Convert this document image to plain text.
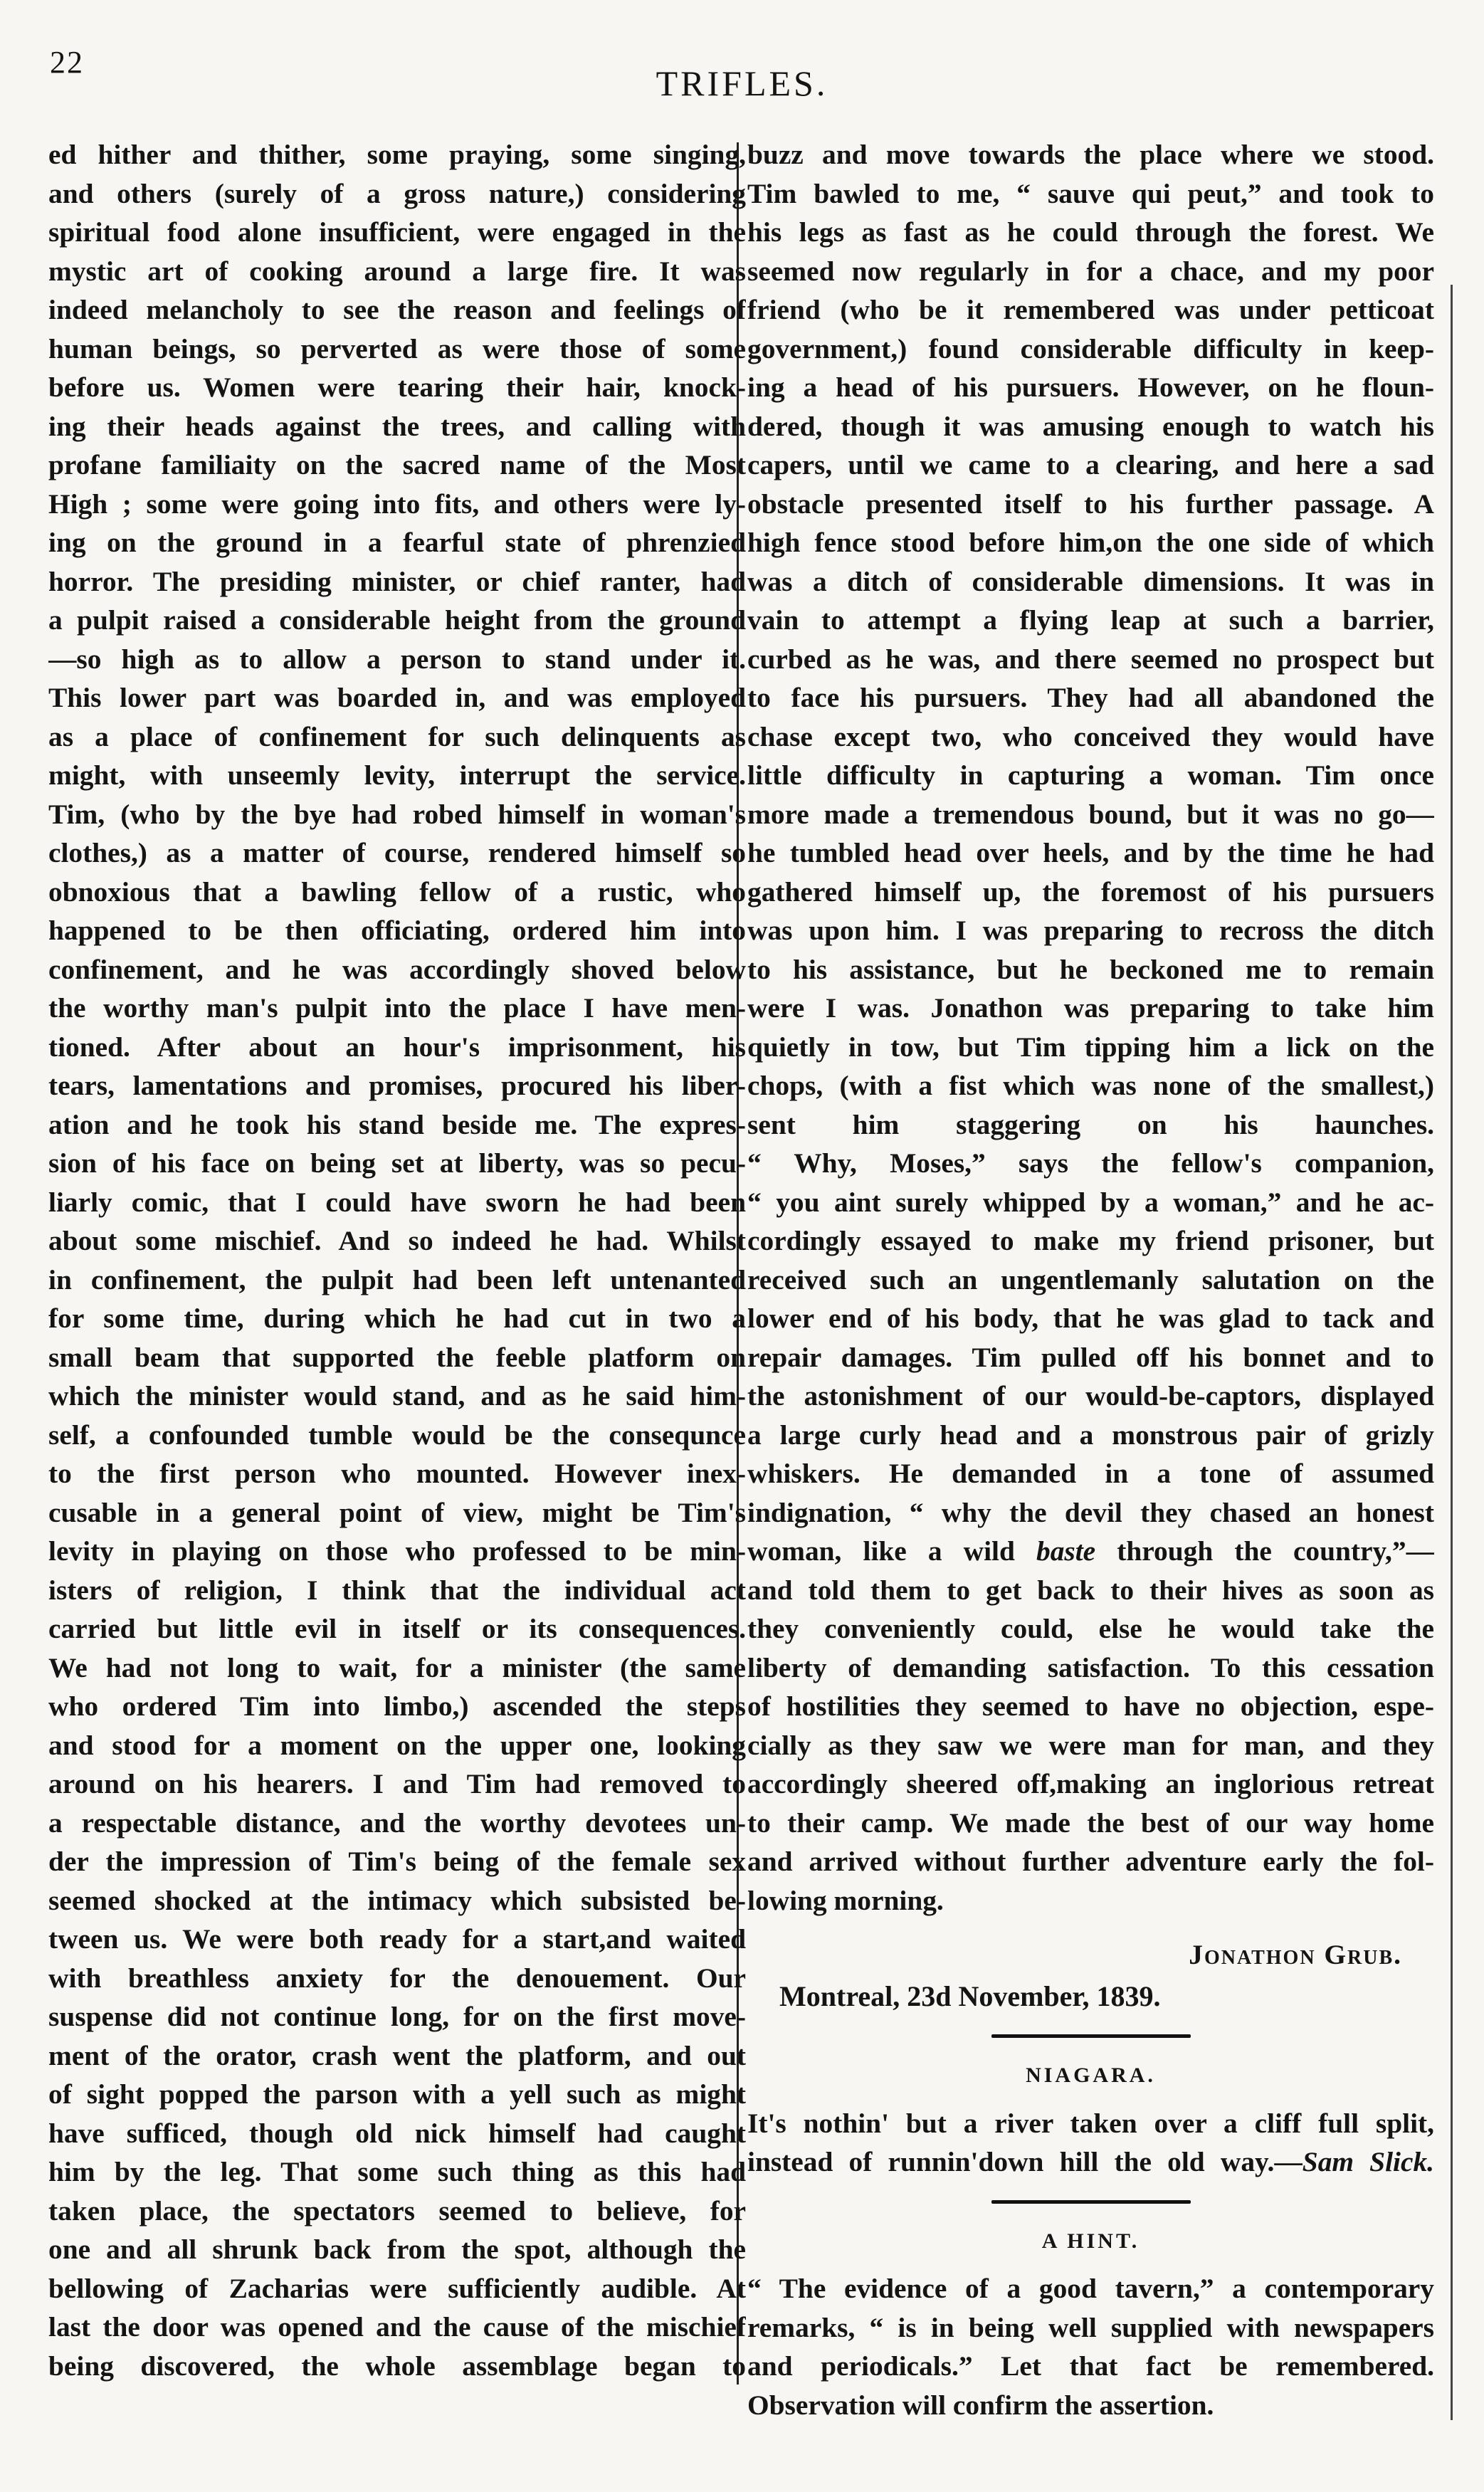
22
TRIFLES.
ed hither and thither, some praying, some singing,
and others (surely of a gross nature,) considering
spiritual food alone insufficient, were engaged in the
mystic art of cooking around a large fire. It was
indeed melancholy to see the reason and feelings of
human beings, so perverted as were those of some
before us. Women were tearing their hair, knock-
ing their heads against the trees, and calling with
profane familiaity on the sacred name of the Most
High ; some were going into fits, and others were ly-
ing on the ground in a fearful state of phrenzied
horror. The presiding minister, or chief ranter, had
a pulpit raised a considerable height from the ground
—so high as to allow a person to stand under it.
This lower part was boarded in, and was employed
as a place of confinement for such delinquents as
might, with unseemly levity, interrupt the service.
Tim, (who by the bye had robed himself in woman's
clothes,) as a matter of course, rendered himself so
obnoxious that a bawling fellow of a rustic, who
happened to be then officiating, ordered him into
confinement, and he was accordingly shoved below
the worthy man's pulpit into the place I have men-
tioned. After about an hour's imprisonment, his
tears, lamentations and promises, procured his liber-
ation and he took his stand beside me. The expres-
sion of his face on being set at liberty, was so pecu-
liarly comic, that I could have sworn he had been
about some mischief. And so indeed he had. Whilst
in confinement, the pulpit had been left untenanted
for some time, during which he had cut in two a
small beam that supported the feeble platform on
which the minister would stand, and as he said him-
self, a confounded tumble would be the consequnce
to the first person who mounted. However inex-
cusable in a general point of view, might be Tim's
levity in playing on those who professed to be min-
isters of religion, I think that the individual act
carried but little evil in itself or its consequences.
We had not long to wait, for a minister (the same
who ordered Tim into limbo,) ascended the steps
and stood for a moment on the upper one, looking
around on his hearers. I and Tim had removed to
a respectable distance, and the worthy devotees un-
der the impression of Tim's being of the female sex
seemed shocked at the intimacy which subsisted be-
tween us. We were both ready for a start,and waited
with breathless anxiety for the denouement. Our
suspense did not continue long, for on the first move-
ment of the orator, crash went the platform, and out
of sight popped the parson with a yell such as might
have sufficed, though old nick himself had caught
him by the leg. That some such thing as this had
taken place, the spectators seemed to believe, for
one and all shrunk back from the spot, although the
bellowing of Zacharias were sufficiently audible. At
last the door was opened and the cause of the mischief
being discovered, the whole assemblage began to
buzz and move towards the place where we stood.
Tim bawled to me, “ sauve qui peut,” and took to
his legs as fast as he could through the forest. We
seemed now regularly in for a chace, and my poor
friend (who be it remembered was under petticoat
government,) found considerable difficulty in keep-
ing a head of his pursuers. However, on he floun-
dered, though it was amusing enough to watch his
capers, until we came to a clearing, and here a sad
obstacle presented itself to his further passage. A
high fence stood before him,on the one side of which
was a ditch of considerable dimensions. It was in
vain to attempt a flying leap at such a barrier,
curbed as he was, and there seemed no prospect but
to face his pursuers. They had all abandoned the
chase except two, who conceived they would have
little difficulty in capturing a woman. Tim once
more made a tremendous bound, but it was no go—
he tumbled head over heels, and by the time he had
gathered himself up, the foremost of his pursuers
was upon him. I was preparing to recross the ditch
to his assistance, but he beckoned me to remain
were I was. Jonathon was preparing to take him
quietly in tow, but Tim tipping him a lick on the
chops, (with a fist which was none of the smallest,)
sent him staggering on his haunches.
“ Why, Moses,” says the fellow's companion,
“ you aint surely whipped by a woman,” and he ac-
cordingly essayed to make my friend prisoner, but
received such an ungentlemanly salutation on the
lower end of his body, that he was glad to tack and
repair damages. Tim pulled off his bonnet and to
the astonishment of our would-be-captors, displayed
a large curly head and a monstrous pair of grizly
whiskers. He demanded in a tone of assumed
indignation, “ why the devil they chased an honest
woman, like a wild baste through the country,”—
and told them to get back to their hives as soon as
they conveniently could, else he would take the
liberty of demanding satisfaction. To this cessation
of hostilities they seemed to have no objection, espe-
cially as they saw we were man for man, and they
accordingly sheered off,making an inglorious retreat
to their camp. We made the best of our way home
and arrived without further adventure early the fol-
lowing morning.
Jonathon Grub.
Montreal, 23d November, 1839.
NIAGARA.
It's nothin' but a river taken over a cliff full split,
instead of runnin'down hill the old way.—Sam Slick.
A HINT.
“ The evidence of a good tavern,” a contemporary
remarks, “ is in being well supplied with newspapers
and periodicals.” Let that fact be remembered.
Observation will confirm the assertion.
